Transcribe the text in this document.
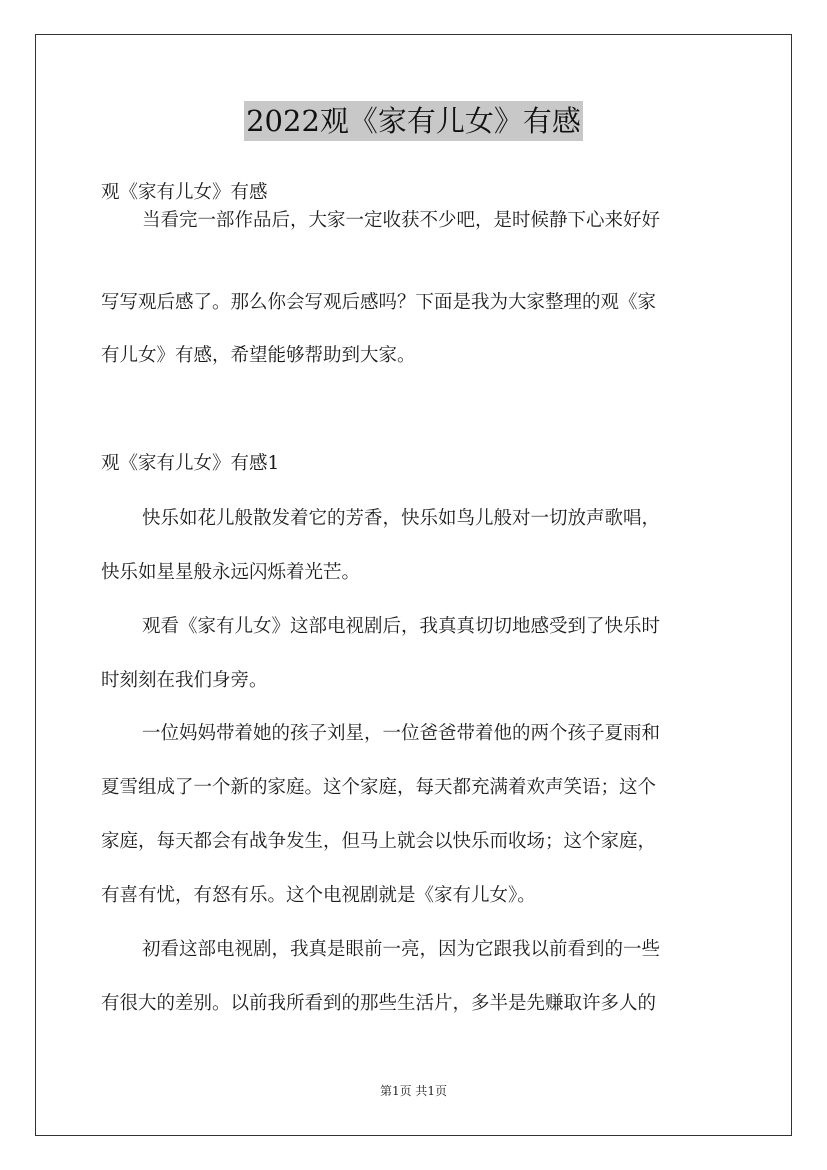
2022观《家有儿女》有感
观《家有儿女》有感
当看完一部作品后，大家一定收获不少吧，是时候静下心来好好
写写观后感了。那么你会写观后感吗？下面是我为大家整理的观《家
有儿女》有感，希望能够帮助到大家。
观《家有儿女》有感1
快乐如花儿般散发着它的芳香，快乐如鸟儿般对一切放声歌唱，
快乐如星星般永远闪烁着光芒。
观看《家有儿女》这部电视剧后，我真真切切地感受到了快乐时
时刻刻在我们身旁。
一位妈妈带着她的孩子刘星，一位爸爸带着他的两个孩子夏雨和
夏雪组成了一个新的家庭。这个家庭，每天都充满着欢声笑语；这个
家庭，每天都会有战争发生，但马上就会以快乐而收场；这个家庭，
有喜有忧，有怒有乐。这个电视剧就是《家有儿女》。
初看这部电视剧，我真是眼前一亮，因为它跟我以前看到的一些
有很大的差别。以前我所看到的那些生活片，多半是先赚取许多人的
第1页 共1页
